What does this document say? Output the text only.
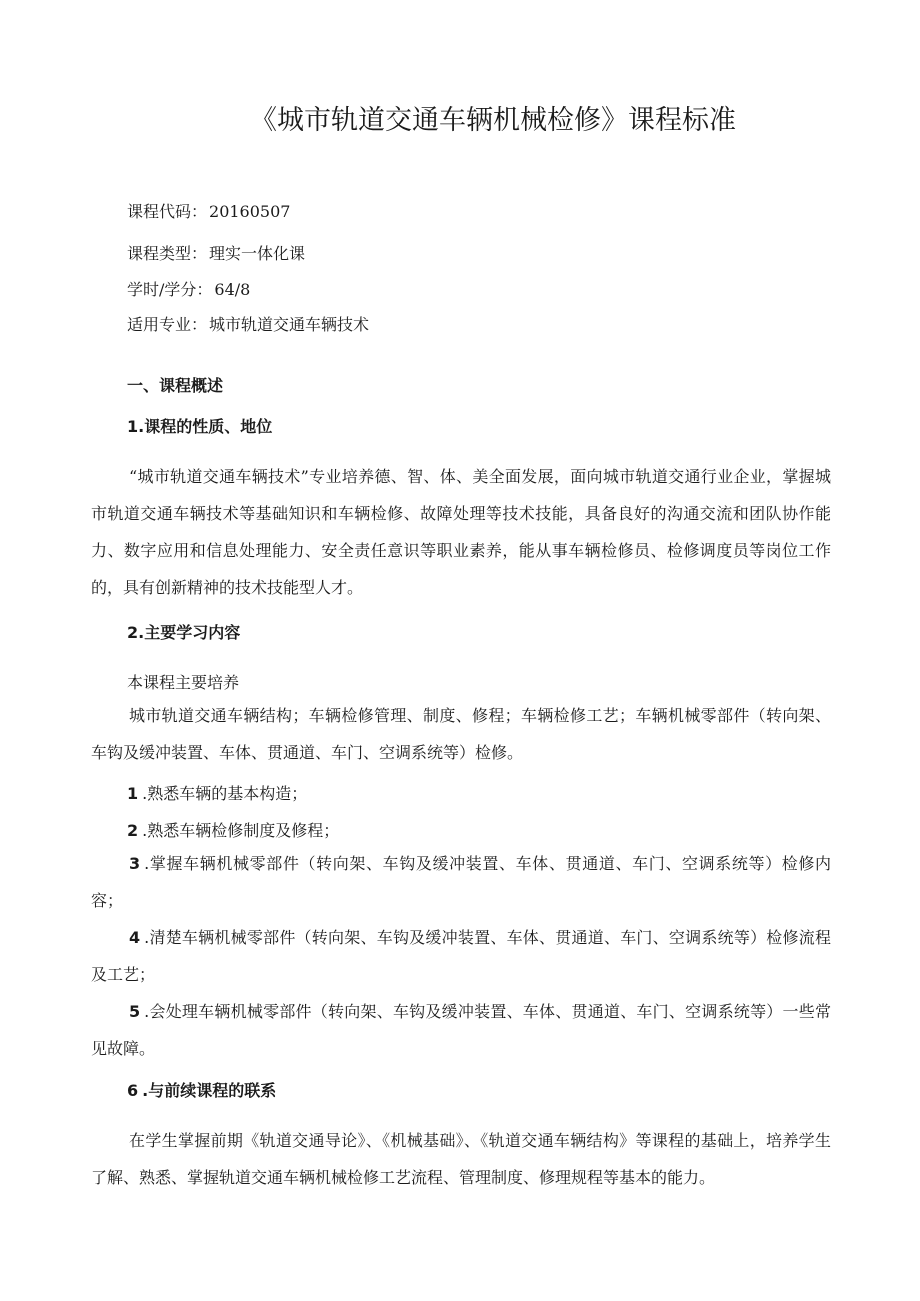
《城市轨道交通车辆机械检修》课程标准
课程代码： 20160507
课程类型： 理实一体化课
学时/学分： 64/8
适用专业： 城市轨道交通车辆技术
一、课程概述
1.课程的性质、地位
“城市轨道交通车辆技术”专业培养德、智、体、美全面发展，面向城市轨道交通行业企业，掌握城市轨道交通车辆技术等基础知识和车辆检修、故障处理等技术技能，具备良好的沟通交流和团队协作能力、数字应用和信息处理能力、安全责任意识等职业素养，能从事车辆检修员、检修调度员等岗位工作的，具有创新精神的技术技能型人才。
2.主要学习内容
本课程主要培养
城市轨道交通车辆结构；车辆检修管理、制度、修程；车辆检修工艺；车辆机械零部件（转向架、车钩及缓冲装置、车体、贯通道、车门、空调系统等）检修。
1 .熟悉车辆的基本构造；
2 .熟悉车辆检修制度及修程；
3 .掌握车辆机械零部件（转向架、车钩及缓冲装置、车体、贯通道、车门、空调系统等）检修内容；
4 .清楚车辆机械零部件（转向架、车钩及缓冲装置、车体、贯通道、车门、空调系统等）检修流程及工艺；
5 .会处理车辆机械零部件（转向架、车钩及缓冲装置、车体、贯通道、车门、空调系统等）一些常见故障。
6 .与前续课程的联系
在学生掌握前期《轨道交通导论》、《机械基础》、《轨道交通车辆结构》等课程的基础上，培养学生了解、熟悉、掌握轨道交通车辆机械检修工艺流程、管理制度、修理规程等基本的能力。
